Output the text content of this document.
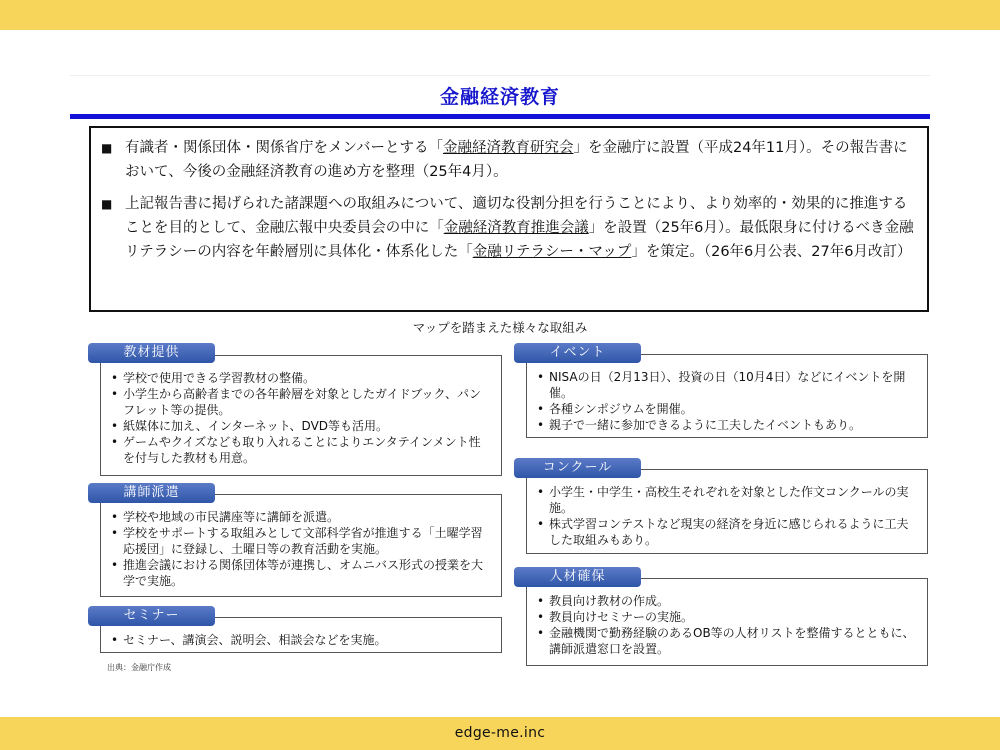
金融経済教育
■ 有識者・関係団体・関係省庁をメンバーとする「金融経済教育研究会」を金融庁に設置（平成24年11月）。その報告書において、今後の金融経済教育の進め方を整理（25年4月）。
■ 上記報告書に掲げられた諸課題への取組みについて、適切な役割分担を行うことにより、より効率的・効果的に推進することを目的として、金融広報中央委員会の中に「金融経済教育推進会議」を設置（25年6月）。最低限身に付けるべき金融リテラシーの内容を年齢層別に具体化・体系化した「金融リテラシー・マップ」を策定。（26年6月公表、27年6月改訂）
マップを踏まえた様々な取組み
• 学校で使用できる学習教材の整備。
• 小学生から高齢者までの各年齢層を対象としたガイドブック、パンフレット等の提供。
• 紙媒体に加え、インターネット、DVD等も活用。
• ゲームやクイズなども取り入れることによりエンタテインメント性を付与した教材も用意。
教材提供
• 学校や地域の市民講座等に講師を派遣。
• 学校をサポートする取組みとして文部科学省が推進する「土曜学習応援団」に登録し、土曜日等の教育活動を実施。
• 推進会議における関係団体等が連携し、オムニバス形式の授業を大学で実施。
講師派遣
• セミナー、講演会、説明会、相談会などを実施。
セミナー
• NISAの日（2月13日）、投資の日（10月4日）などにイベントを開催。
• 各種シンポジウムを開催。
• 親子で一緒に参加できるように工夫したイベントもあり。
イベント
• 小学生・中学生・高校生それぞれを対象とした作文コンクールの実施。
• 株式学習コンテストなど現実の経済を身近に感じられるように工夫した取組みもあり。
コンクール
• 教員向け教材の作成。
• 教員向けセミナーの実施。
• 金融機関で勤務経験のあるOB等の人材リストを整備するとともに、講師派遣窓口を設置。
人材確保
出典：金融庁作成
edge-me.inc
